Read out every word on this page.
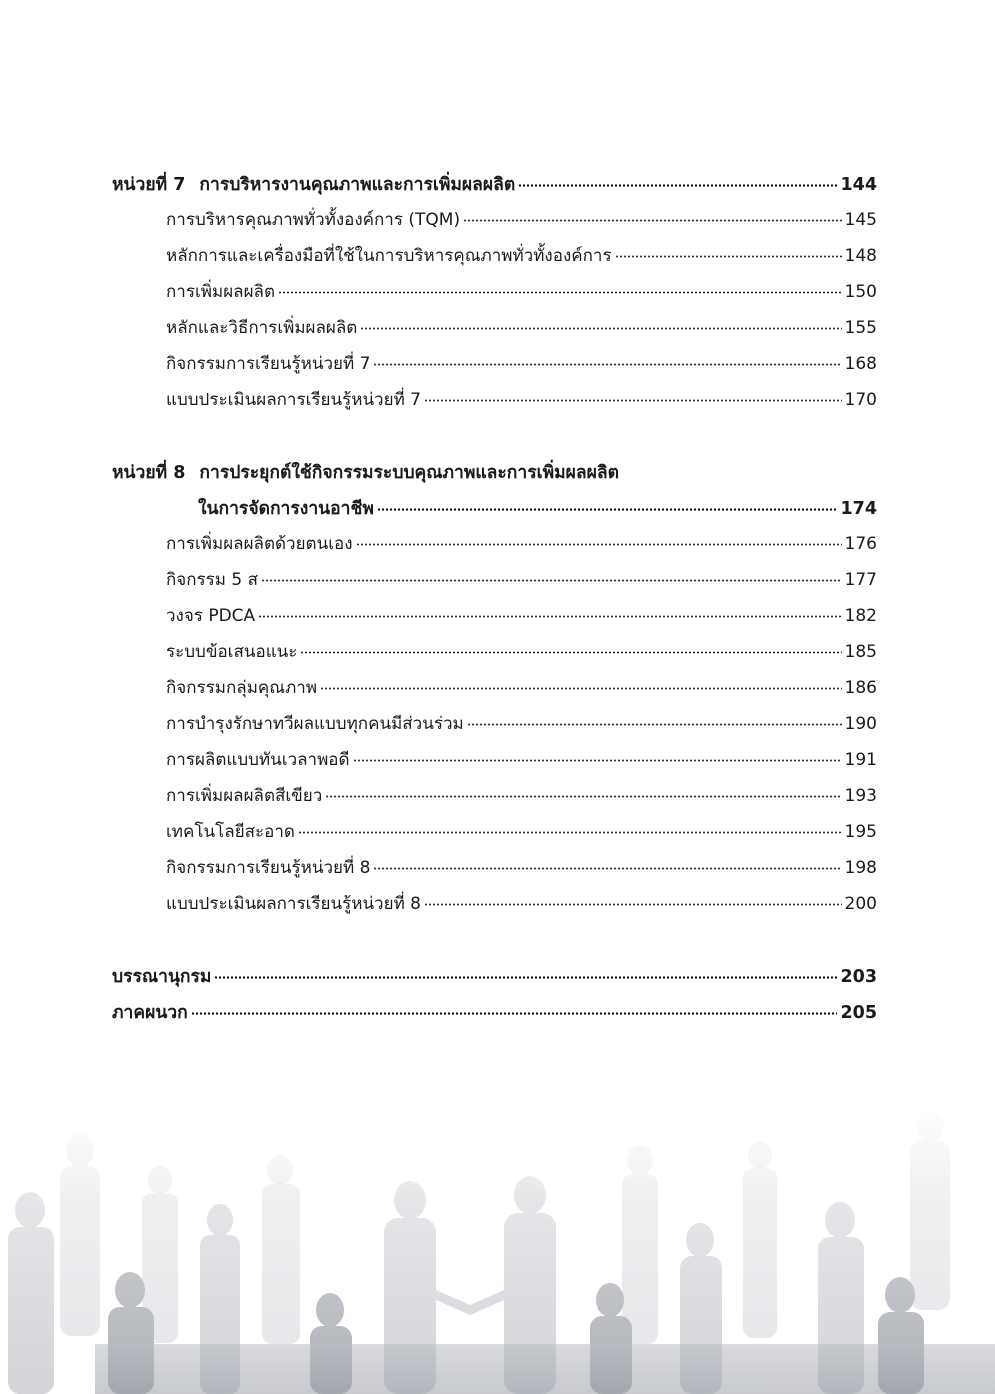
หน่วยที่ 7 การบริหารงานคุณภาพและการเพิ่มผลผลิต	144
การบริหารคุณภาพทั่วทั้งองค์การ (TQM)	145
หลักการและเครื่องมือที่ใช้ในการบริหารคุณภาพทั่วทั้งองค์การ	148
การเพิ่มผลผลิต	150
หลักและวิธีการเพิ่มผลผลิต	155
กิจกรรมการเรียนรู้หน่วยที่ 7	168
แบบประเมินผลการเรียนรู้หน่วยที่ 7	170
หน่วยที่ 8 การประยุกต์ใช้กิจกรรมระบบคุณภาพและการเพิ่มผลผลิต
ในการจัดการงานอาชีพ	174
การเพิ่มผลผลิตด้วยตนเอง	176
กิจกรรม 5 ส	177
วงจร PDCA	182
ระบบข้อเสนอแนะ	185
กิจกรรมกลุ่มคุณภาพ	186
การบำรุงรักษาทวีผลแบบทุกคนมีส่วนร่วม	190
การผลิตแบบทันเวลาพอดี	191
การเพิ่มผลผลิตสีเขียว	193
เทคโนโลยีสะอาด	195
กิจกรรมการเรียนรู้หน่วยที่ 8	198
แบบประเมินผลการเรียนรู้หน่วยที่ 8	200
บรรณานุกรม	203
ภาคผนวก	205
